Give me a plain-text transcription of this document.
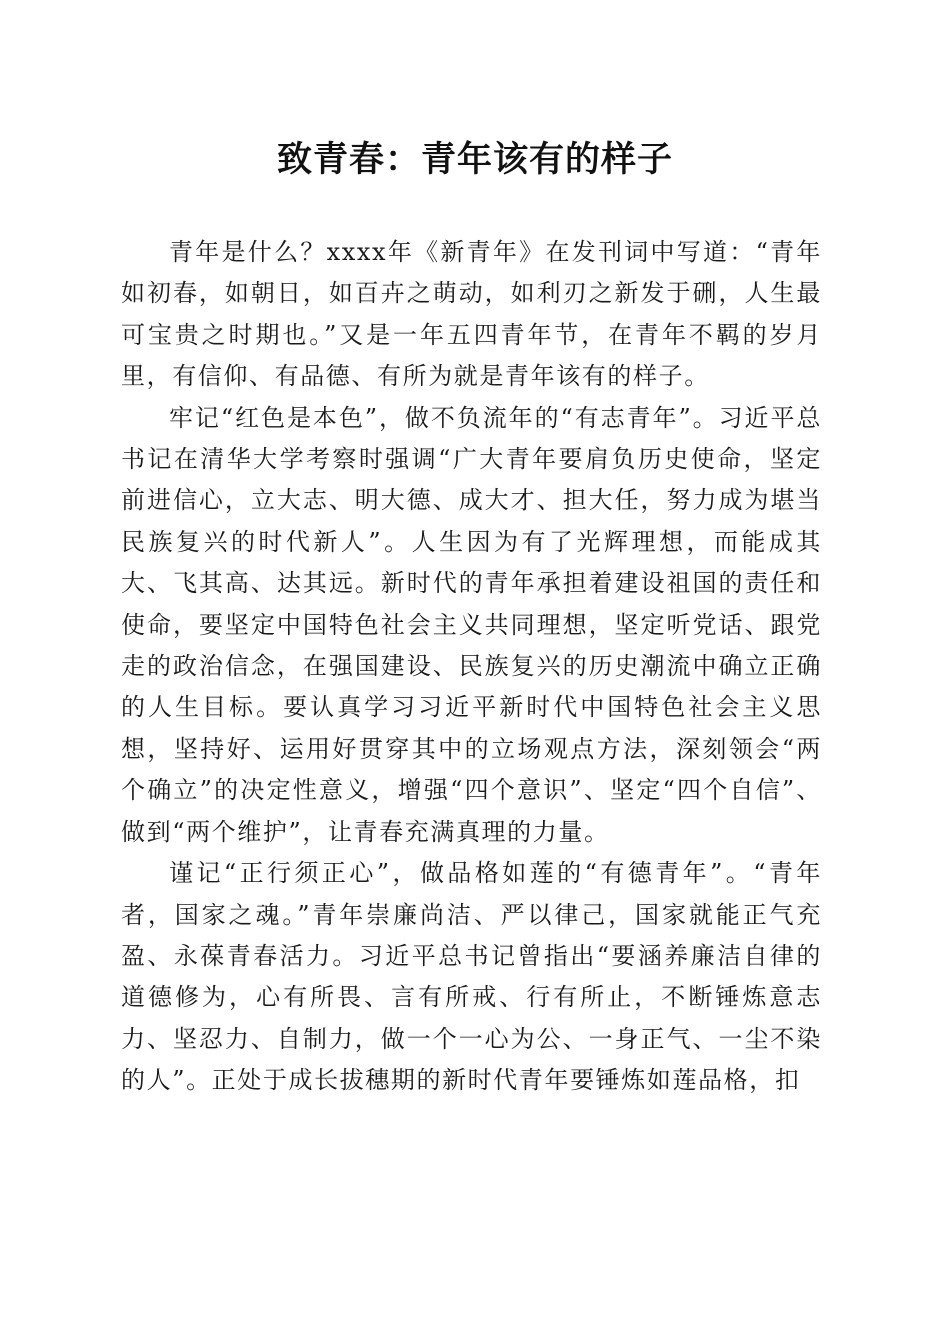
致青春：青年该有的样子

青年是什么？xxxx年《新青年》在发刊词中写道：“青年如初春，如朝日，如百卉之萌动，如利刃之新发于硎，人生最可宝贵之时期也。”又是一年五四青年节，在青年不羁的岁月里，有信仰、有品德、有所为就是青年该有的样子。

牢记“红色是本色”，做不负流年的“有志青年”。习近平总书记在清华大学考察时强调“广大青年要肩负历史使命，坚定前进信心，立大志、明大德、成大才、担大任，努力成为堪当民族复兴的时代新人”。人生因为有了光辉理想，而能成其大、飞其高、达其远。新时代的青年承担着建设祖国的责任和使命，要坚定中国特色社会主义共同理想，坚定听党话、跟党走的政治信念，在强国建设、民族复兴的历史潮流中确立正确的人生目标。要认真学习习近平新时代中国特色社会主义思想，坚持好、运用好贯穿其中的立场观点方法，深刻领会“两个确立”的决定性意义，增强“四个意识”、坚定“四个自信”、做到“两个维护”，让青春充满真理的力量。

谨记“正行须正心”，做品格如莲的“有德青年”。“青年者，国家之魂。”青年崇廉尚洁、严以律己，国家就能正气充盈、永葆青春活力。习近平总书记曾指出“要涵养廉洁自律的道德修为，心有所畏、言有所戒、行有所止，不断锤炼意志力、坚忍力、自制力，做一个一心为公、一身正气、一尘不染的人”。正处于成长拔穗期的新时代青年要锤炼如莲品格，扣
